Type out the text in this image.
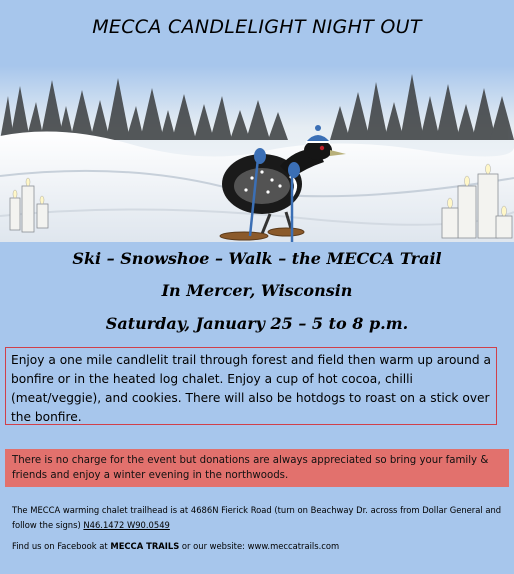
MECCA CANDLELIGHT NIGHT OUT
Ski – Snowshoe – Walk – the MECCA Trail
In Mercer, Wisconsin
Saturday, January 25 – 5 to 8 p.m.
Enjoy a one mile candlelit trail through forest and field then warm up around a bonfire or in the heated log chalet. Enjoy a cup of hot cocoa, chilli (meat/veggie), and cookies. There will also be hotdogs to roast on a stick over the bonfire.
There is no charge for the event but donations are always appreciated so bring your family & friends and enjoy a winter evening in the northwoods.
The MECCA warming chalet trailhead is at 4686N Fierick Road (turn on Beachway Dr. across from Dollar General and follow the signs) N46.1472 W90.0549
Find us on Facebook at MECCA TRAILS or our website: www.meccatrails.com
